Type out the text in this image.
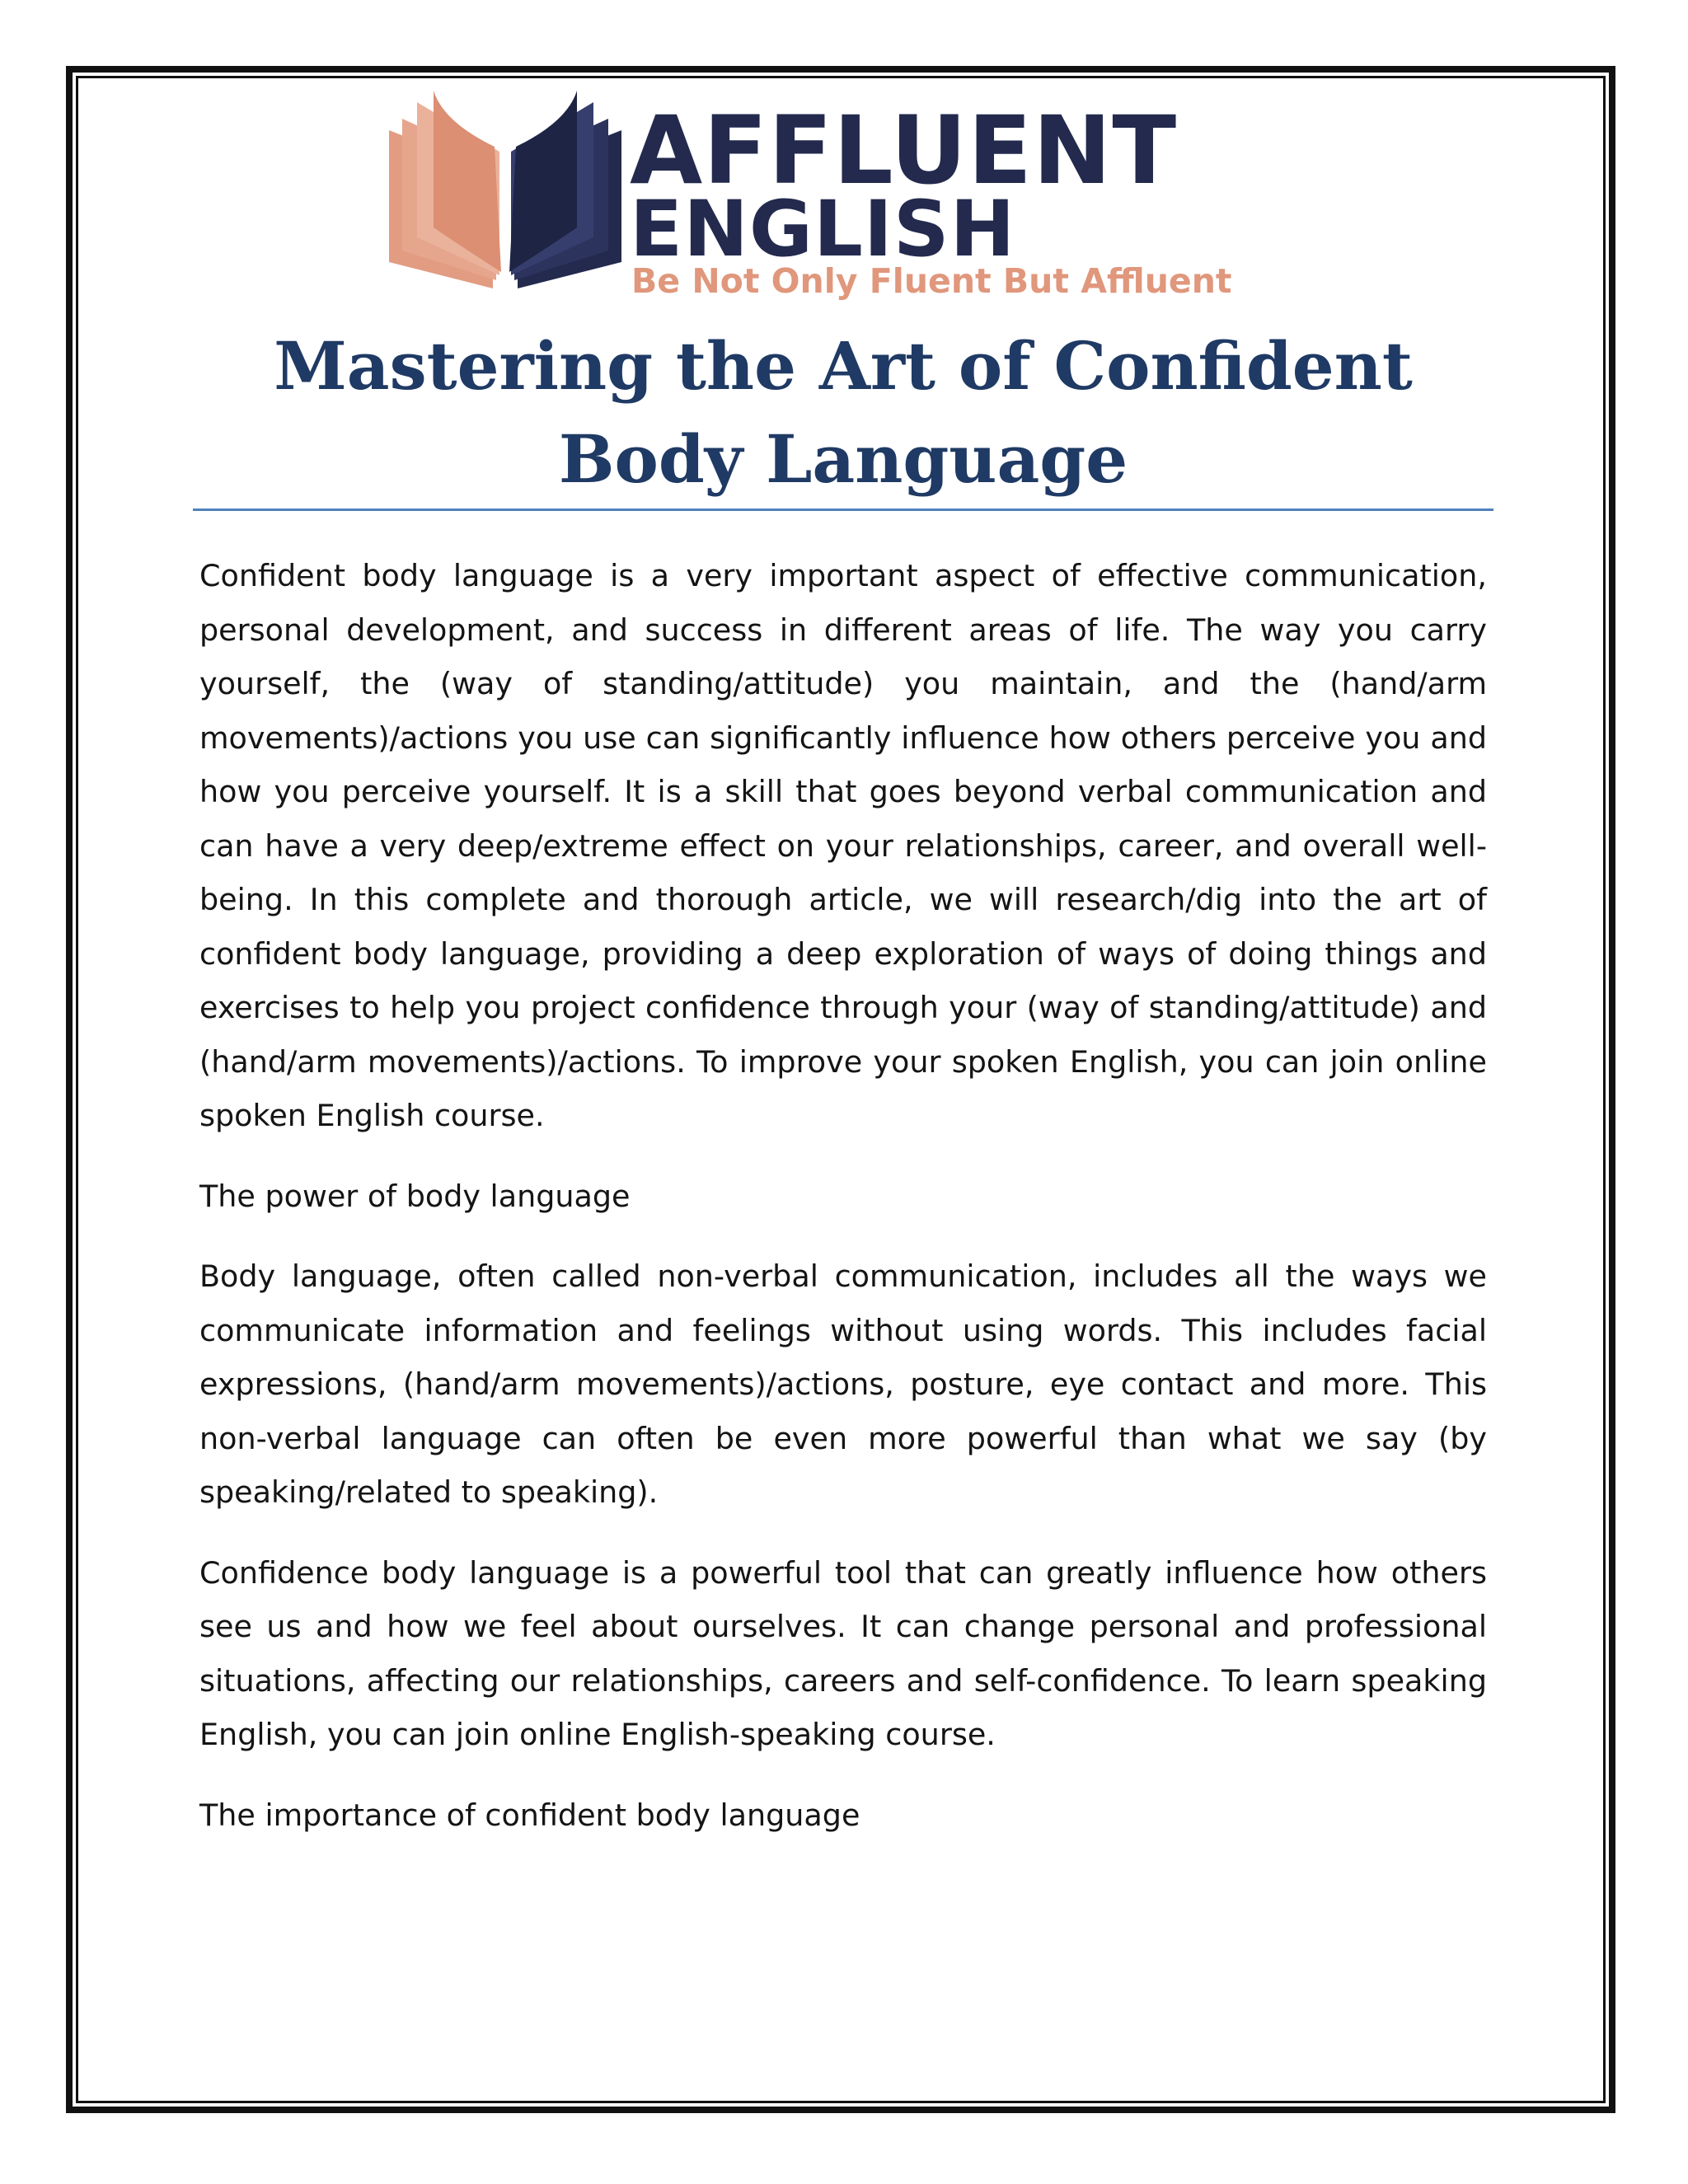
AFFLUENT
ENGLISH
Be Not Only Fluent But Affluent
Mastering the Art of Confident Body Language

Confident body language is a very important aspect of effective communication, personal development, and success in different areas of life. The way you carry yourself, the (way of standing/attitude) you maintain, and the (hand/arm movements)/actions you use can significantly influence how others perceive you and how you perceive yourself. It is a skill that goes beyond verbal communication and can have a very deep/extreme effect on your relationships, career, and overall well-being. In this complete and thorough article, we will research/dig into the art of confident body language, providing a deep exploration of ways of doing things and exercises to help you project confidence through your (way of standing/attitude) and (hand/arm movements)/actions. To improve your spoken English, you can join online spoken English course.

The power of body language

Body language, often called non-verbal communication, includes all the ways we communicate information and feelings without using words. This includes facial expressions, (hand/arm movements)/actions, posture, eye contact and more. This non-verbal language can often be even more powerful than what we say (by speaking/related to speaking).

Confidence body language is a powerful tool that can greatly influence how others see us and how we feel about ourselves. It can change personal and professional situations, affecting our relationships, careers and self-confidence. To learn speaking English, you can join online English-speaking course.

The importance of confident body language
